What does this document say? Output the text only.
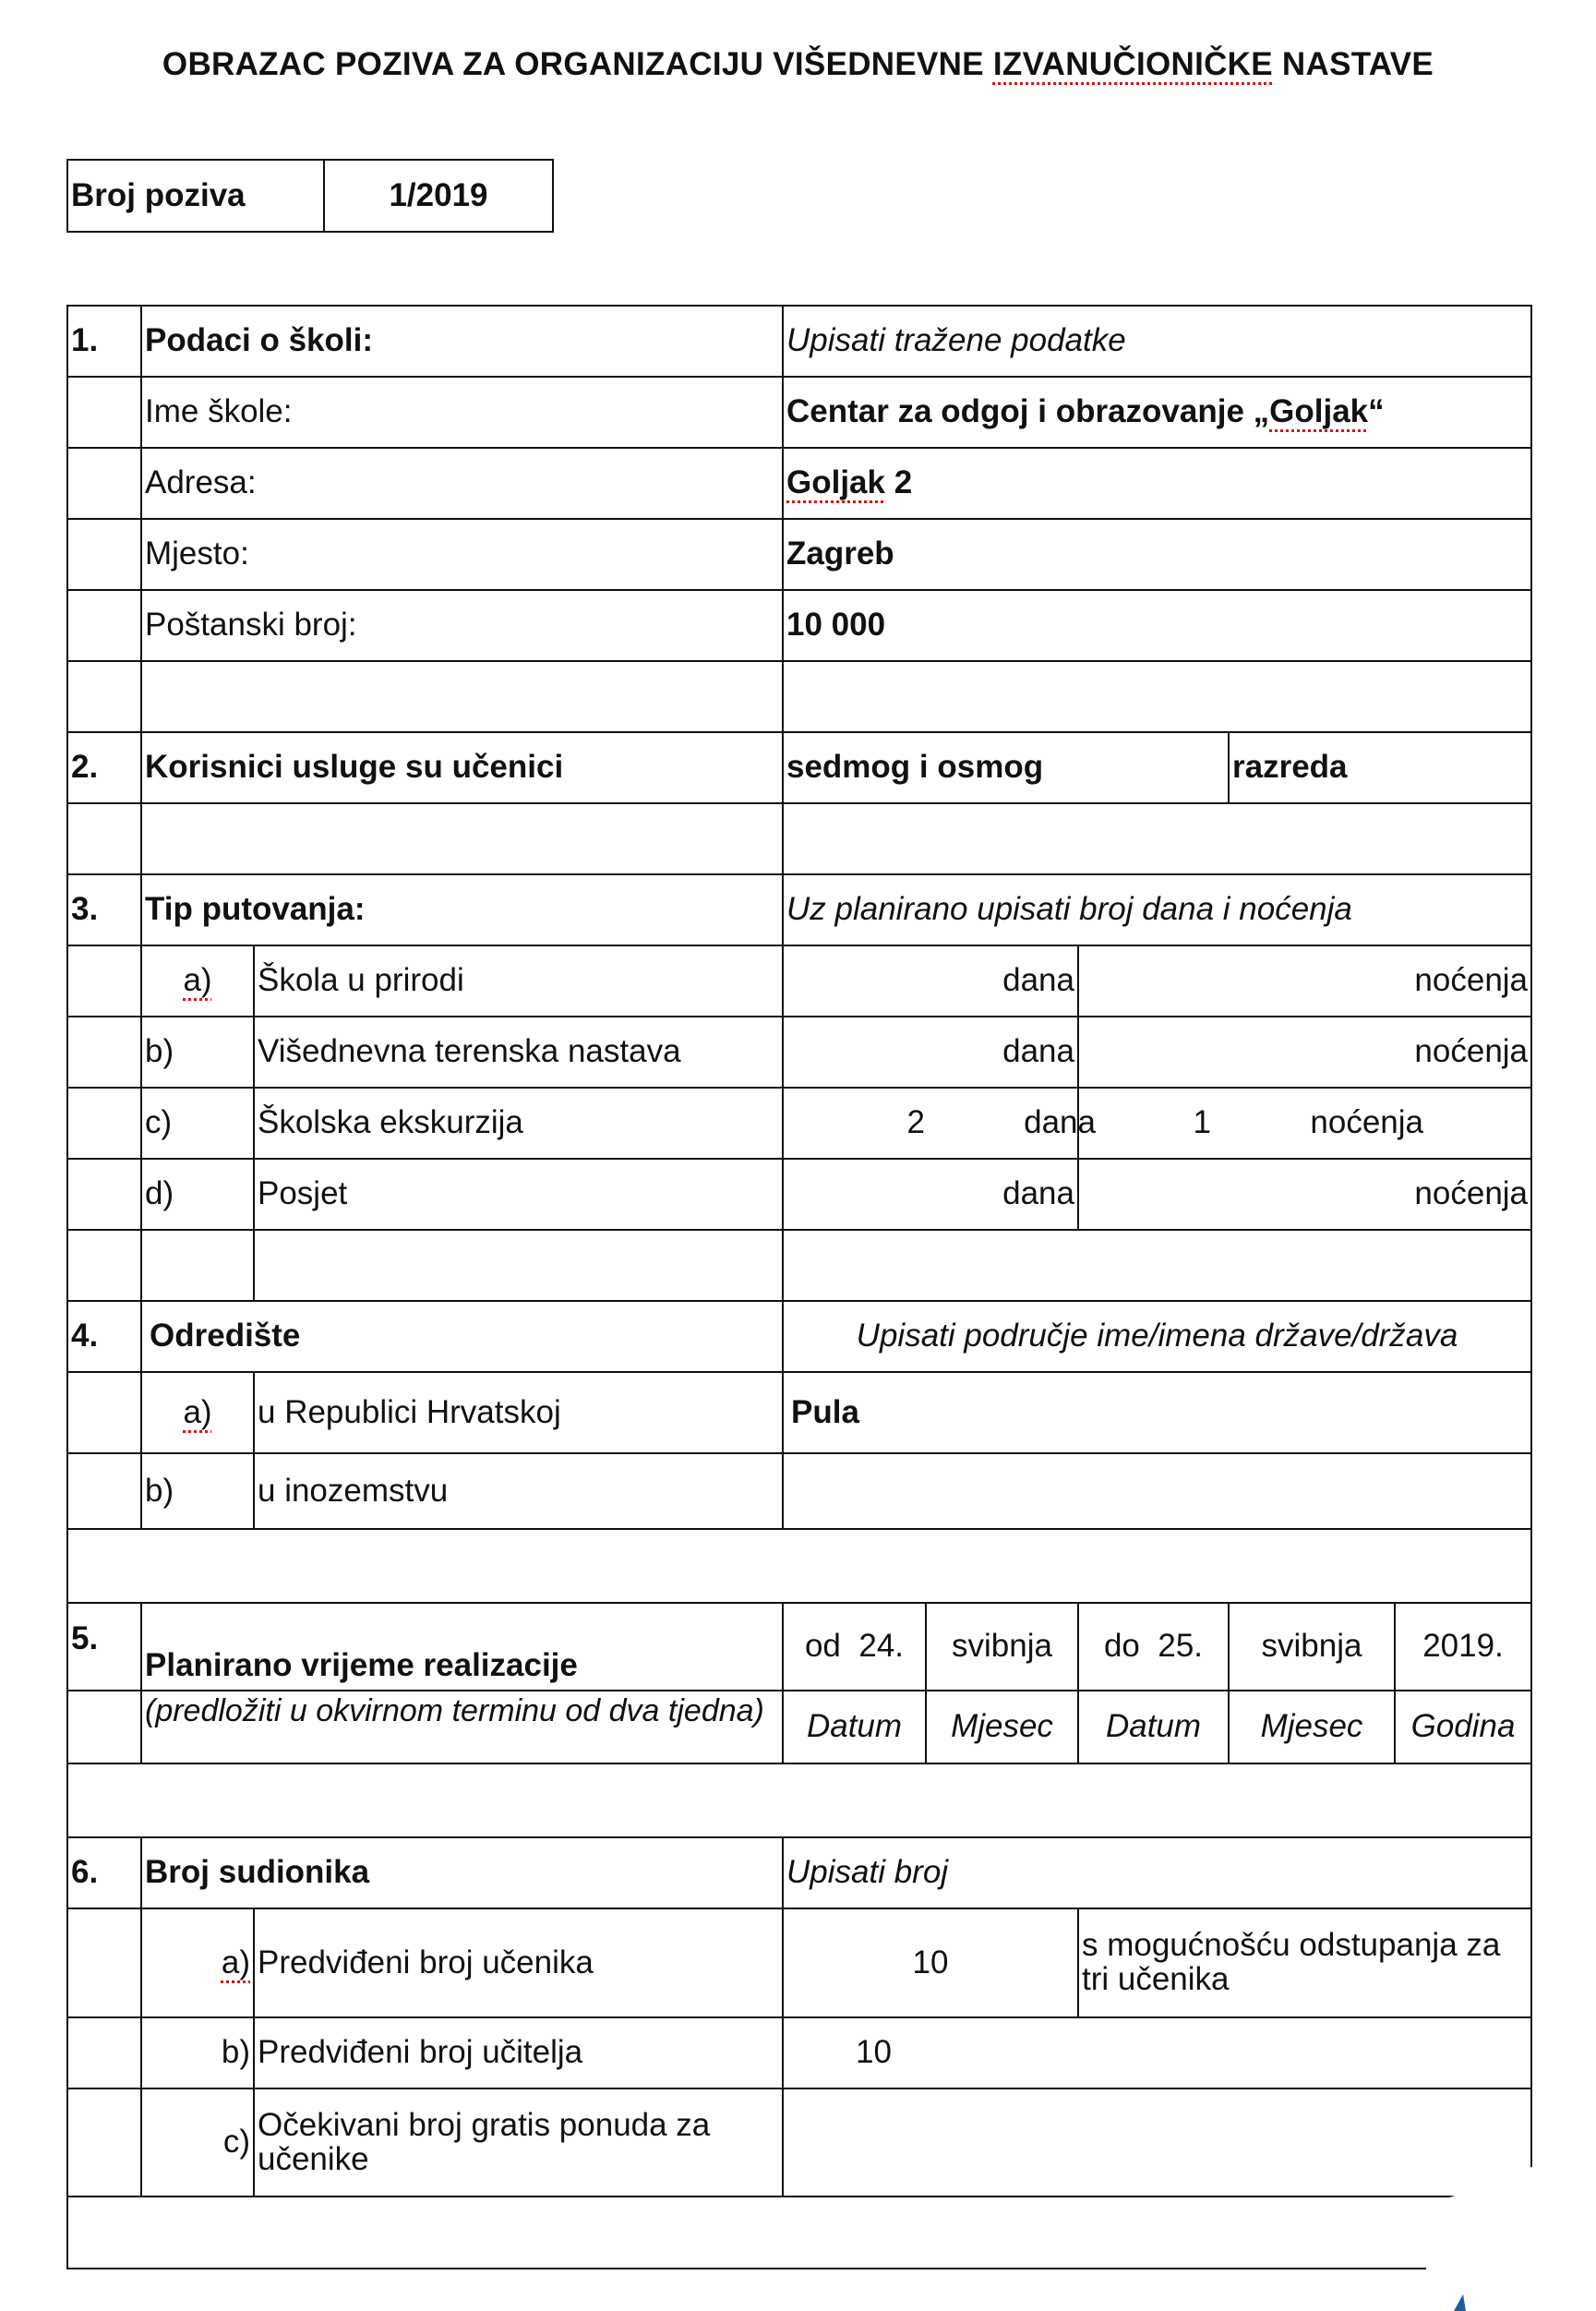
OBRAZAC POZIVA ZA ORGANIZACIJU VIŠEDNEVNE IZVANUČIONIČKE NASTAVE
Broj poziva	1/2019
1.	Podaci o školi:		Upisati tražene podatke				
	Ime škole:		Centar za odgoj i obrazovanje „Goljak“				
	Adresa:		Goljak 2				
	Mjesto:		Zagreb				
	Poštanski broj:		10 000				

2.	Korisnici usluge su učenici		sedmog i osmog			razreda	

3.	Tip putovanja:		Uz planirano upisati broj dana i noćenja				
	a)	Škola u prirodi	dana		noćenja		
	b)	Višednevna terenska nastava	dana		noćenja		
	c)	Školska ekskurzija	2 dana		1 noćenja		
	d)	Posjet	dana		noćenja		

4.	Odredište		Upisati područje ime/imena države/država				
	a)	u Republici Hrvatskoj	Pula				
	b)	u inozemstvu					

5.	Planirano vrijeme realizacije		od 24.	svibnja	do 25.	svibnja	2019.
	(predložiti u okvirnom terminu od dva tjedna)		Datum	Mjesec	Datum	Mjesec	Godina

6.	Broj sudionika		Upisati broj				
	a)	Predviđeni broj učenika	10		s mogućnošću odstupanja za tri učenika		
	b)	Predviđeni broj učitelja	10				
	c)	Očekivani broj gratis ponuda za učenike					
